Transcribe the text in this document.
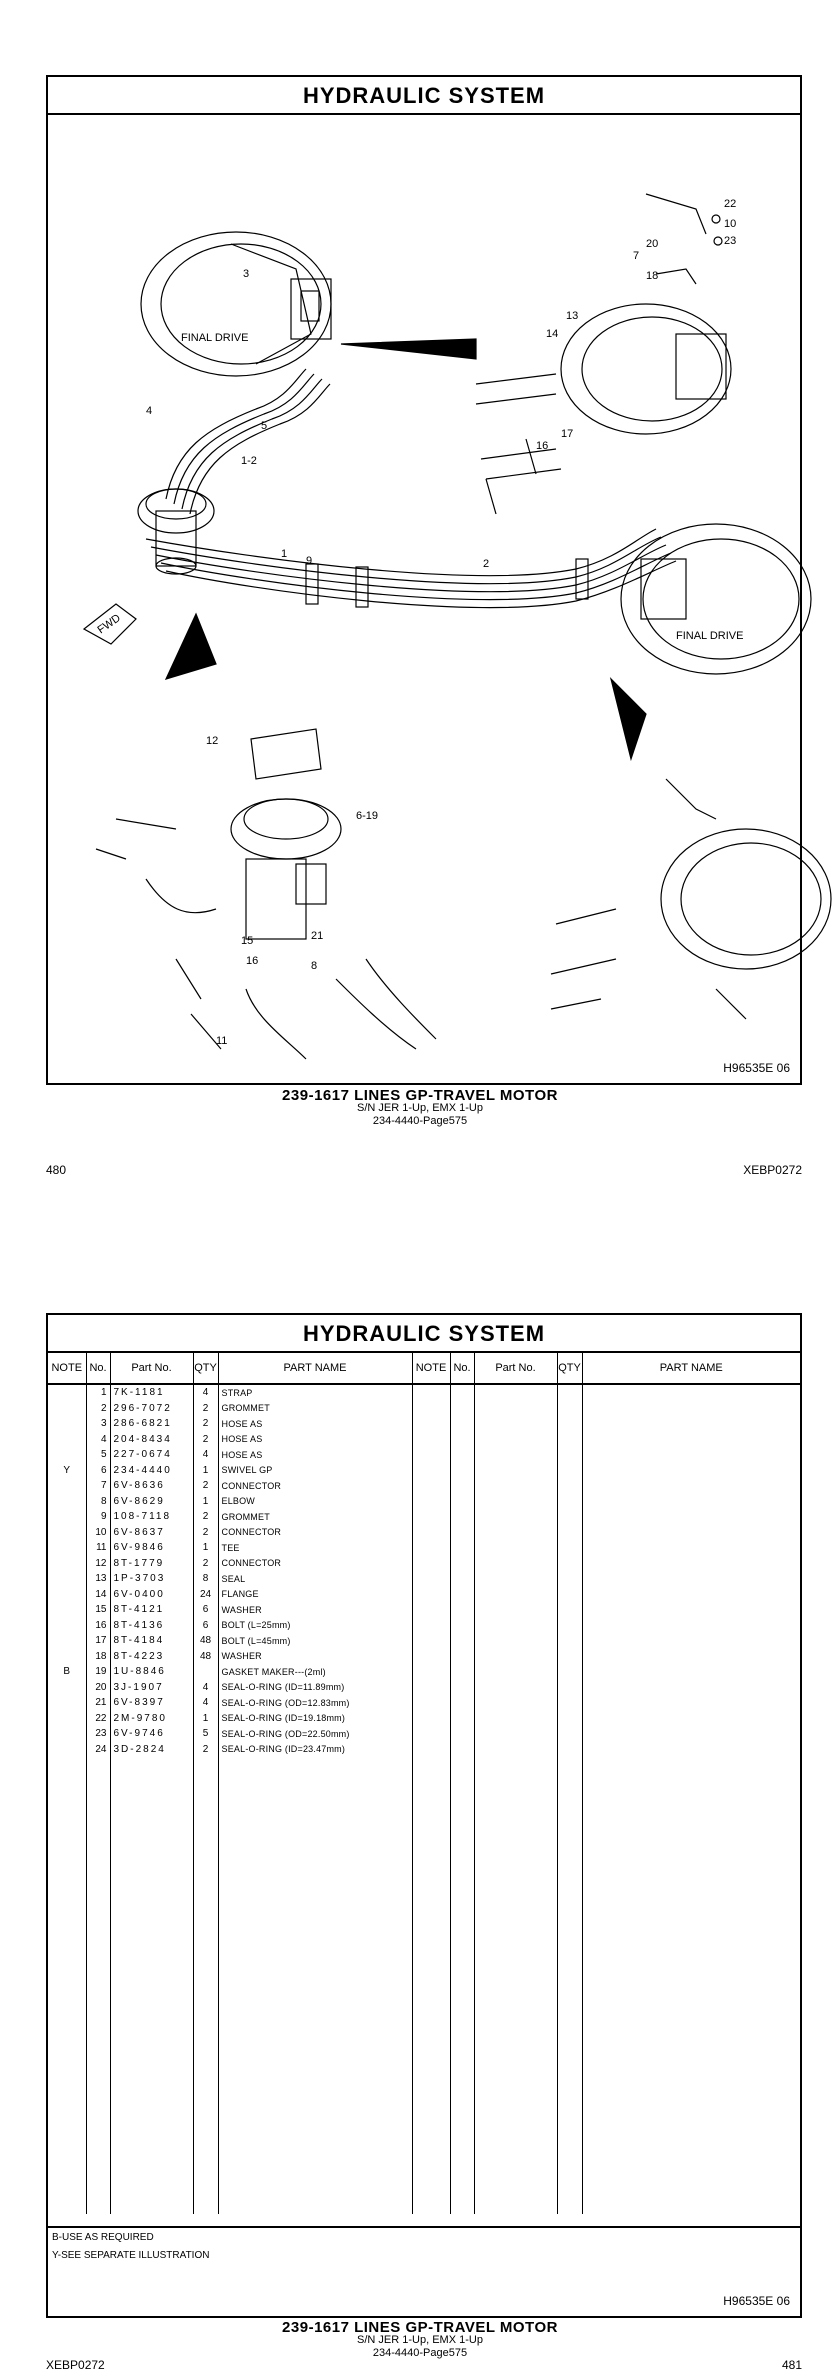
HYDRAULIC SYSTEM
FINAL DRIVE
FINAL DRIVE
FWD
3
4
5
1-2
1
2
9
10
22
23
18
20
7
13
14
16
17
6-19
12
8
11
15
16
21
H96535E 06
239-1617 LINES GP-TRAVEL MOTOR
S/N JER 1-Up, EMX 1-Up
234-4440-Page575
480	XEBP0272
HYDRAULIC SYSTEM
NOTE	No.	Part No.	QTY	PART NAME	NOTE	No.	Part No.	QTY	PART NAME
	1	7K-1181	4	STRAP					
	2	296-7072	2	GROMMET					
	3	286-6821	2	HOSE AS					
	4	204-8434	2	HOSE AS					
	5	227-0674	4	HOSE AS					
Y	6	234-4440	1	SWIVEL GP					
	7	6V-8636	2	CONNECTOR					
	8	6V-8629	1	ELBOW					
	9	108-7118	2	GROMMET					
	10	6V-8637	2	CONNECTOR					
	11	6V-9846	1	TEE					
	12	8T-1779	2	CONNECTOR					
	13	1P-3703	8	SEAL					
	14	6V-0400	24	FLANGE					
	15	8T-4121	6	WASHER					
	16	8T-4136	6	BOLT (L=25mm)					
	17	8T-4184	48	BOLT (L=45mm)					
	18	8T-4223	48	WASHER					
B	19	1U-8846		GASKET MAKER---(2ml)					
	20	3J-1907	4	SEAL-O-RING (ID=11.89mm)					
	21	6V-8397	4	SEAL-O-RING (OD=12.83mm)					
	22	2M-9780	1	SEAL-O-RING (ID=19.18mm)					
	23	6V-9746	5	SEAL-O-RING (OD=22.50mm)					
	24	3D-2824	2	SEAL-O-RING (ID=23.47mm)					

B-USE AS REQUIRED
Y-SEE SEPARATE ILLUSTRATION
H96535E 06
239-1617 LINES GP-TRAVEL MOTOR
S/N JER 1-Up, EMX 1-Up
234-4440-Page575
XEBP0272	481
